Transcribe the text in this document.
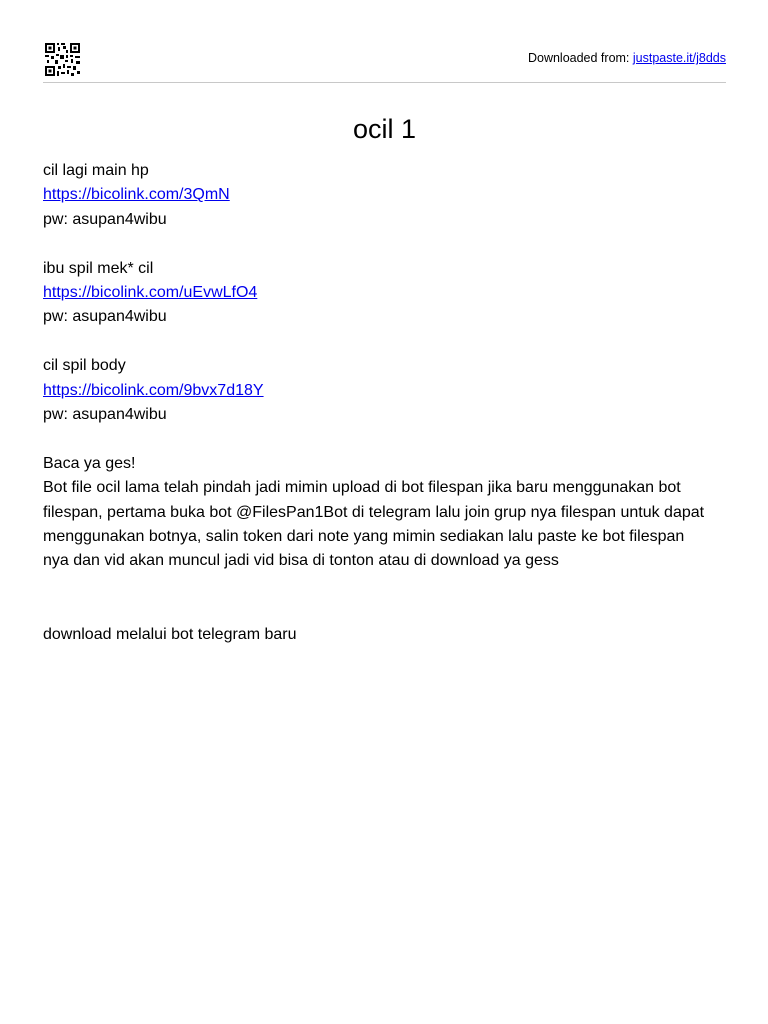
Downloaded from: justpaste.it/j8dds
ocil 1

cil lagi main hp

https://bicolink.com/3QmN

pw: asupan4wibu

ibu spil mek* cil

https://bicolink.com/uEvwLfO4

pw: asupan4wibu

cil spil body

https://bicolink.com/9bvx7d18Y

pw: asupan4wibu

Baca ya ges!

Bot file ocil lama telah pindah jadi mimin upload di bot filespan jika baru menggunakan bot

filespan, pertama buka bot @FilesPan1Bot di telegram lalu join grup nya filespan untuk dapat

menggunakan botnya, salin token dari note yang mimin sediakan lalu paste ke bot filespan

nya dan vid akan muncul jadi vid bisa di tonton atau di download ya gess

download melalui bot telegram baru
